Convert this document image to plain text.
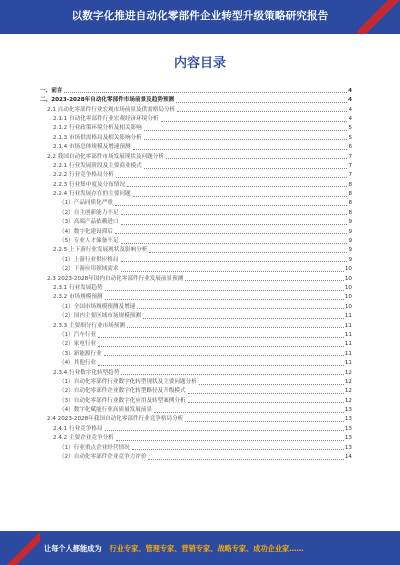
以数字化推进自动化零部件企业转型升级策略研究报告
内容目录
一、前言	4
二、2023-2028年自动化零部件市场前景及趋势预测	4
2.1 自动化零部件行业宏观市场前景及供需格局分析	4
2.1.1 自动化零部件行业宏观经济环境分析	4
2.1.2 行业政策环境分析及相关影响	5
2.1.3 市场供需格局及相关影响分析	5
2.1.4 市场总体规模及增速预测	6
2.2 我国自动化零部件市场发展现状及问题分析	7
2.2.1 行业发展阶段及主要商业模式	7
2.2.2 行业竞争格局分析	7
2.2.3 行业集中度及分布情况	8
2.2.4 行业发展存在的主要问题	8
（1）产品同质化严重	8
（2）自主创新能力不足	8
（3）高端产品依赖进口	9
（4）数字化建设滞后	9
（5）专业人才储备不足	9
2.2.5 上下游行业发展现状及影响分析	9
（1）上游行业供应格局	9
（2）下游应用领域需求	10
2.3 2023-2028年国内自动化零部件行业发展前景预测	10
2.3.1 行业发展趋势	10
2.3.2 市场规模预测	10
（1）全国市场规模预测及增速	10
（2）国内主要区域市场规模预测	11
2.3.3 主要细分行业市场预测	11
（1）汽车行业	11
（2）家电行业	11
（3）新能源行业	11
（4）其他行业	11
2.3.4 行业数字化转型趋势	12
（1）自动化零部件行业数字化转型现状及主要问题分析	12
（2）自动化零部件企业数字化转型路径及升级模式	12
（3）自动化零部件行业数字化应用及转型案例分析	12
（4）数字化赋能行业高质量发展前景	13
2.4 2023-2028年我国自动化零部件行业竞争格局分析	13
2.4.1 行业竞争格局	13
2.4.2 主要企业竞争分析	13
（1）行业重点企业经营情况	13
（2）自动化零部件企业竞争力评价	14
让每个人都能成为 行业专家、管理专家、营销专家、战略专家、成功企业家……
